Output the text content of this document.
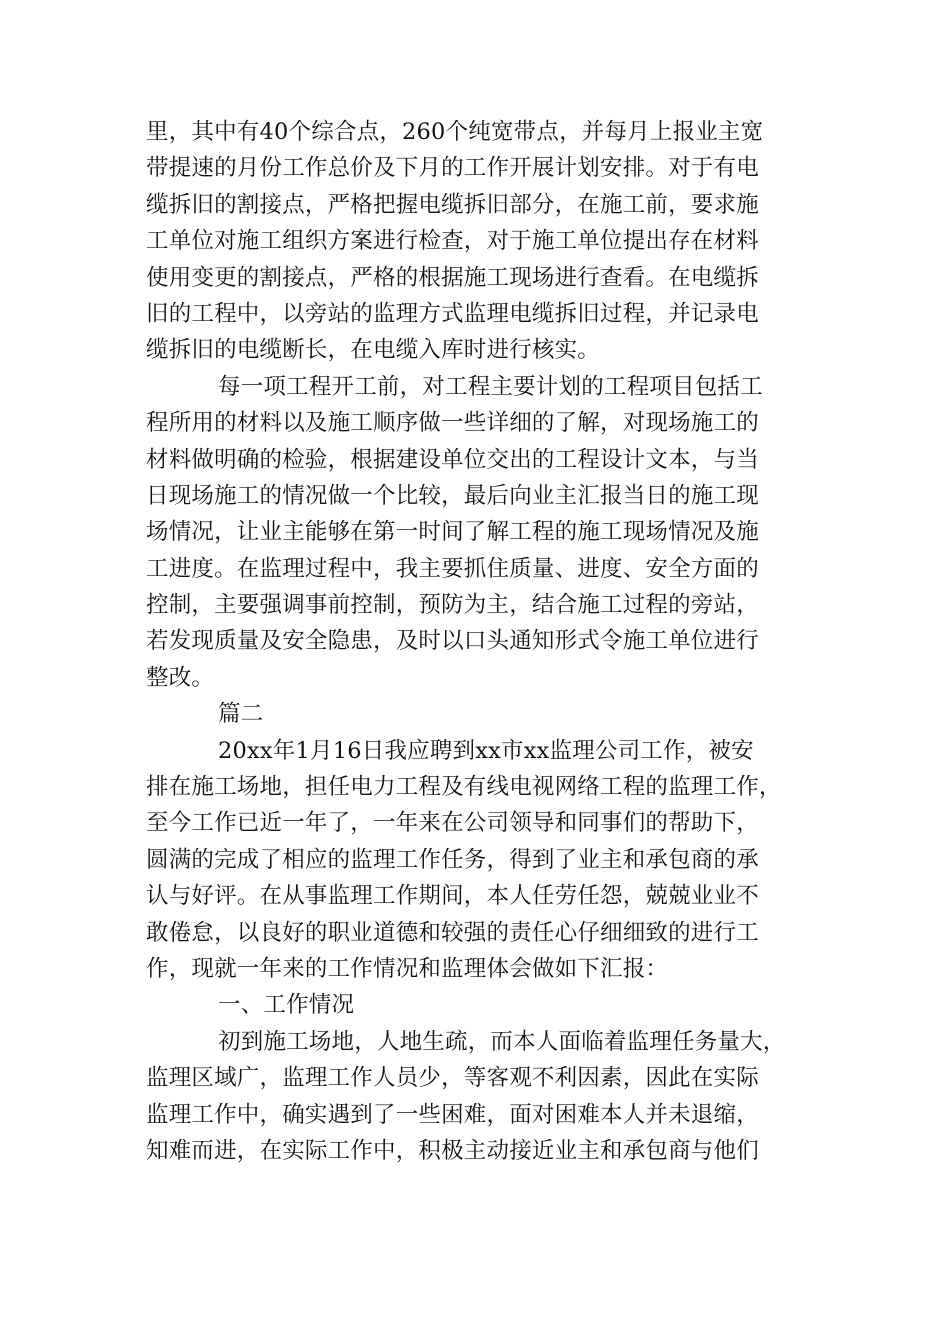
里，其中有40个综合点，260个纯宽带点，并每月上报业主宽
带提速的月份工作总价及下月的工作开展计划安排。对于有电
缆拆旧的割接点，严格把握电缆拆旧部分，在施工前，要求施
工单位对施工组织方案进行检查，对于施工单位提出存在材料
使用变更的割接点，严格的根据施工现场进行查看。在电缆拆
旧的工程中，以旁站的监理方式监理电缆拆旧过程，并记录电
缆拆旧的电缆断长，在电缆入库时进行核实。
每一项工程开工前，对工程主要计划的工程项目包括工
程所用的材料以及施工顺序做一些详细的了解，对现场施工的
材料做明确的检验，根据建设单位交出的工程设计文本，与当
日现场施工的情况做一个比较，最后向业主汇报当日的施工现
场情况，让业主能够在第一时间了解工程的施工现场情况及施
工进度。在监理过程中，我主要抓住质量、进度、安全方面的
控制，主要强调事前控制，预防为主，结合施工过程的旁站，
若发现质量及安全隐患，及时以口头通知形式令施工单位进行
整改。
篇二
20xx年1月16日我应聘到xx市xx监理公司工作，被安
排在施工场地，担任电力工程及有线电视网络工程的监理工作，
至今工作已近一年了，一年来在公司领导和同事们的帮助下，
圆满的完成了相应的监理工作任务，得到了业主和承包商的承
认与好评。在从事监理工作期间，本人任劳任怨，兢兢业业不
敢倦怠，以良好的职业道德和较强的责任心仔细细致的进行工
作，现就一年来的工作情况和监理体会做如下汇报：
一、工作情况
初到施工场地，人地生疏，而本人面临着监理任务量大，
监理区域广，监理工作人员少，等客观不利因素，因此在实际
监理工作中，确实遇到了一些困难，面对困难本人并未退缩，
知难而进，在实际工作中，积极主动接近业主和承包商与他们
